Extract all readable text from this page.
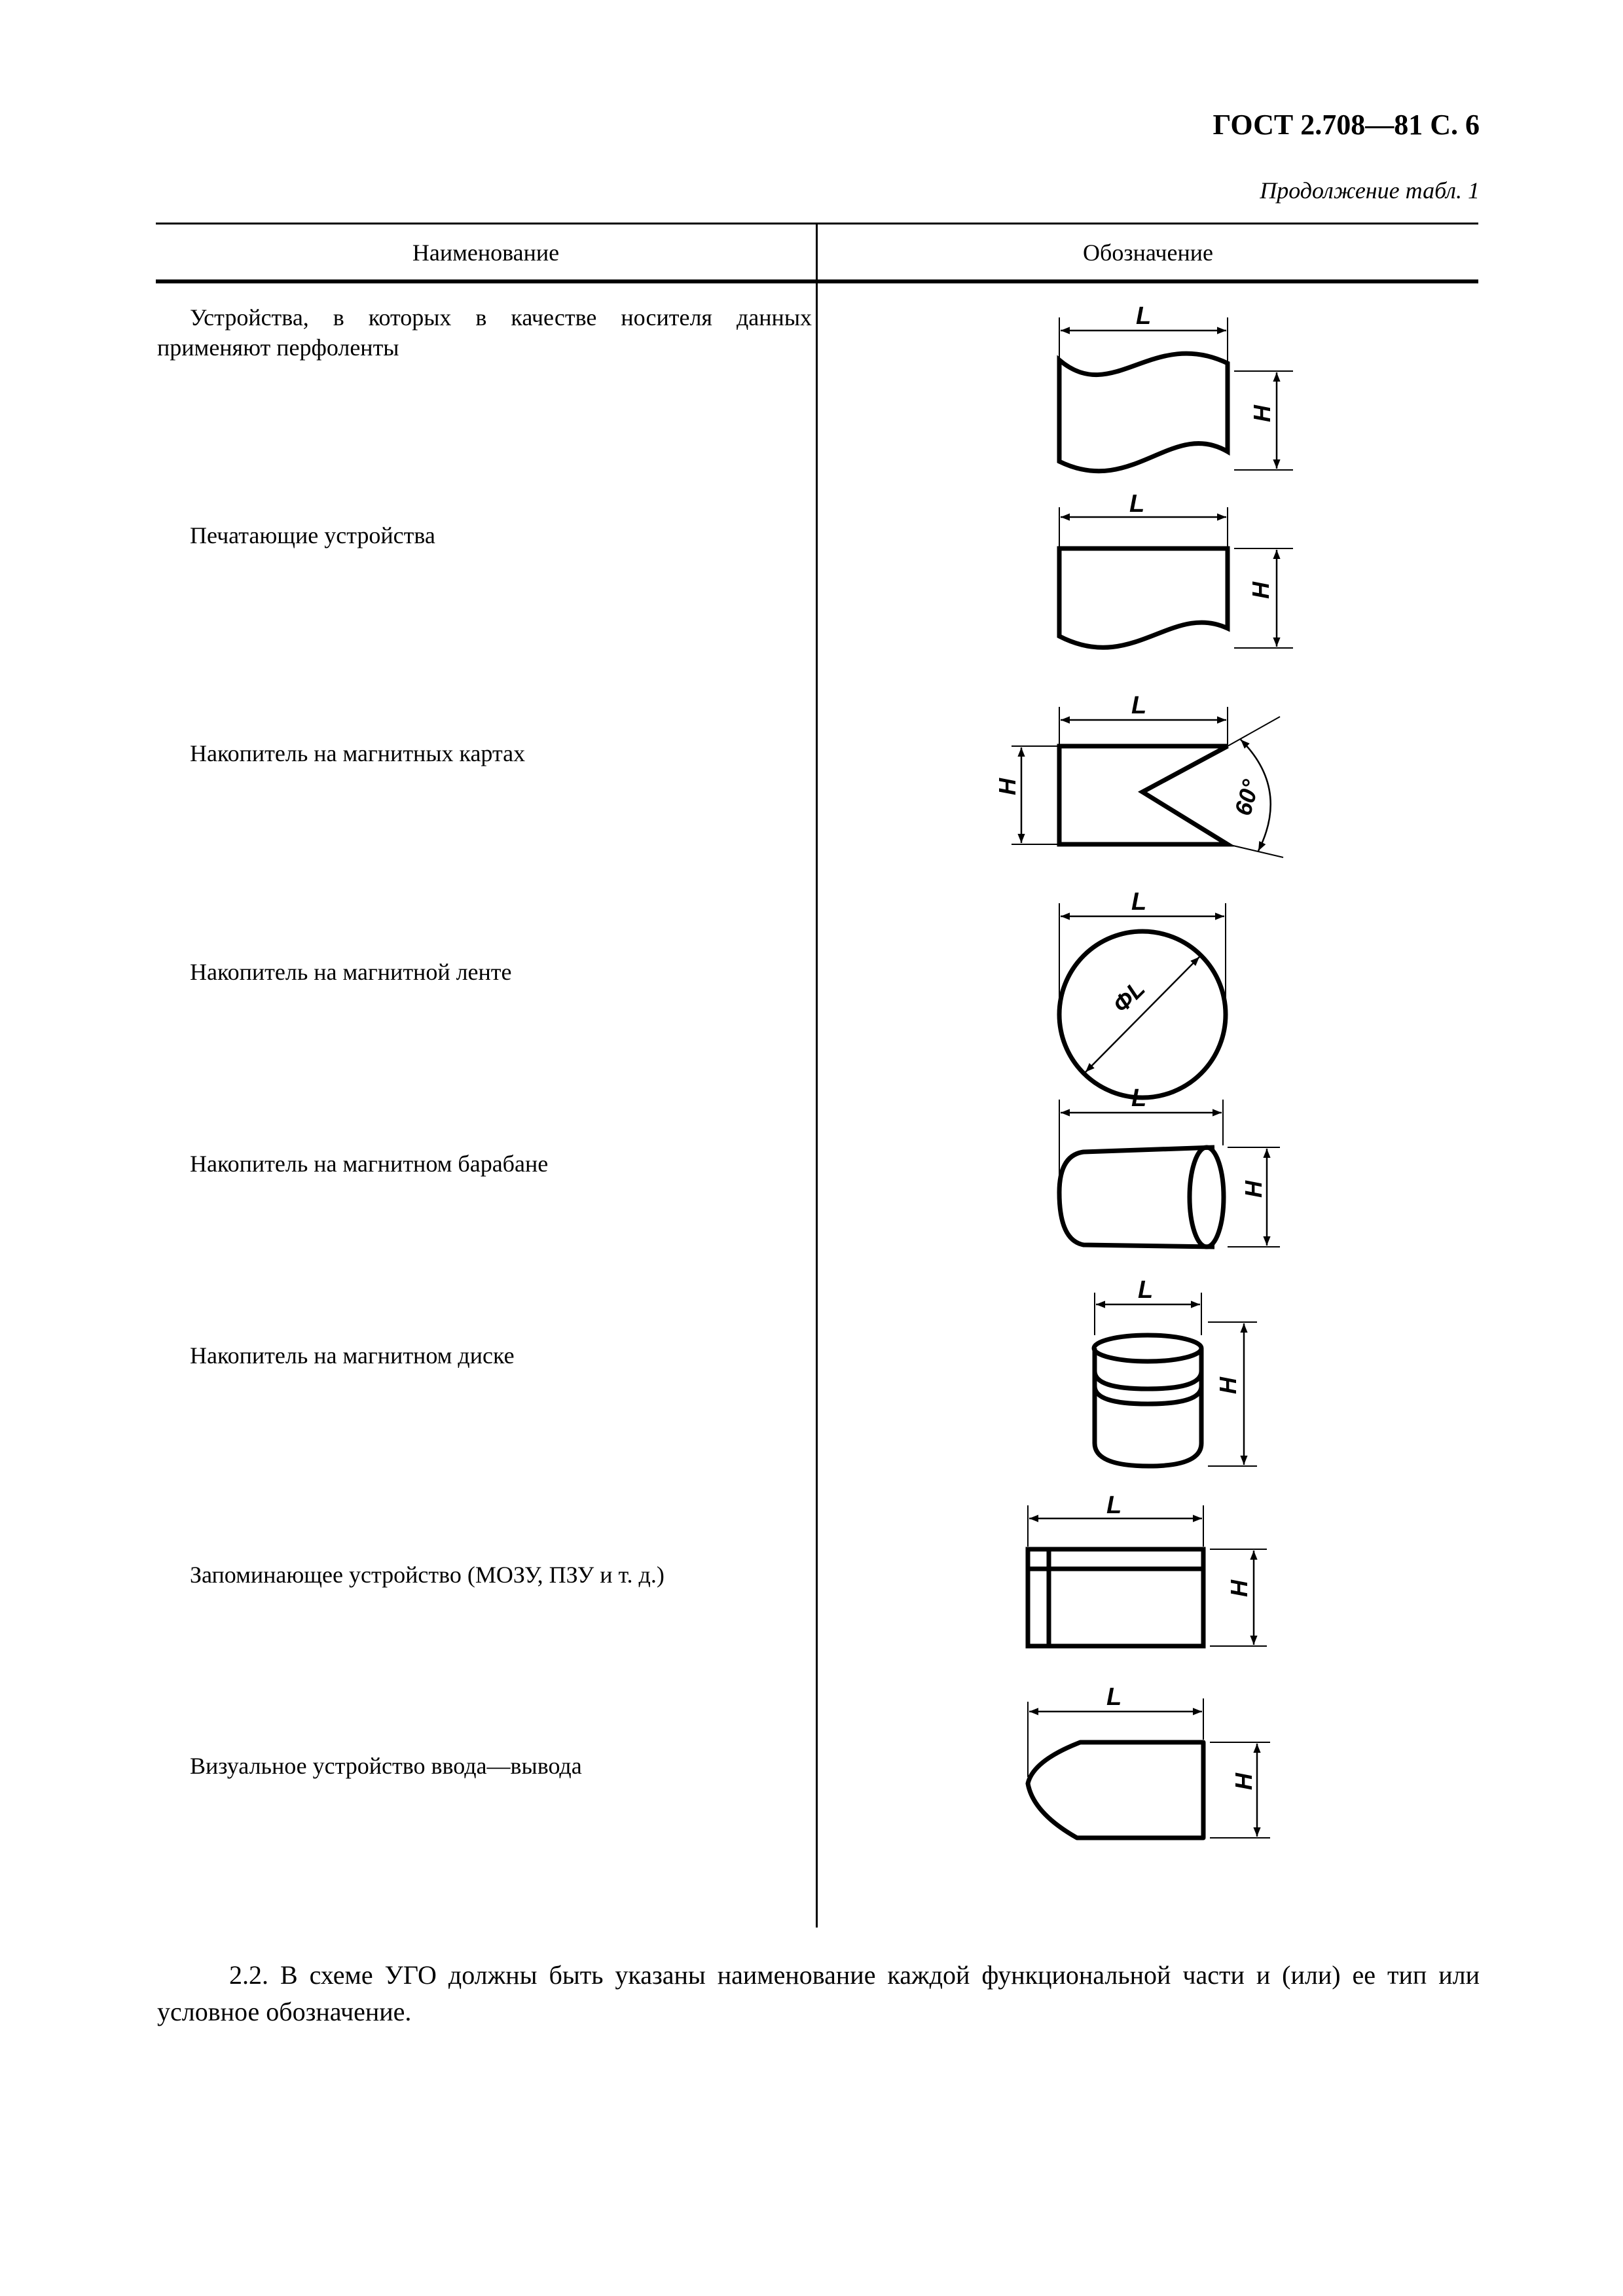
ГОСТ 2.708—81 С. 6
Продолжение табл. 1
Наименование	Обозначение
Устройства, в которых в качестве носителя данных применяют перфоленты
Печатающие устройства
Накопитель на магнитных картах
Накопитель на магнитной ленте
Накопитель на магнитном барабане
Накопитель на магнитном диске
Запоминающее устройство (МОЗУ, ПЗУ и т. д.)
Визуальное устройство ввода—вывода
L
H
L
H
L
H	60°
L
ΦL
L
H
L
H
L
H
L
H
2.2. В схеме УГО должны быть указаны наименование каждой функциональной части и (или) ее тип или условное обозначение.
